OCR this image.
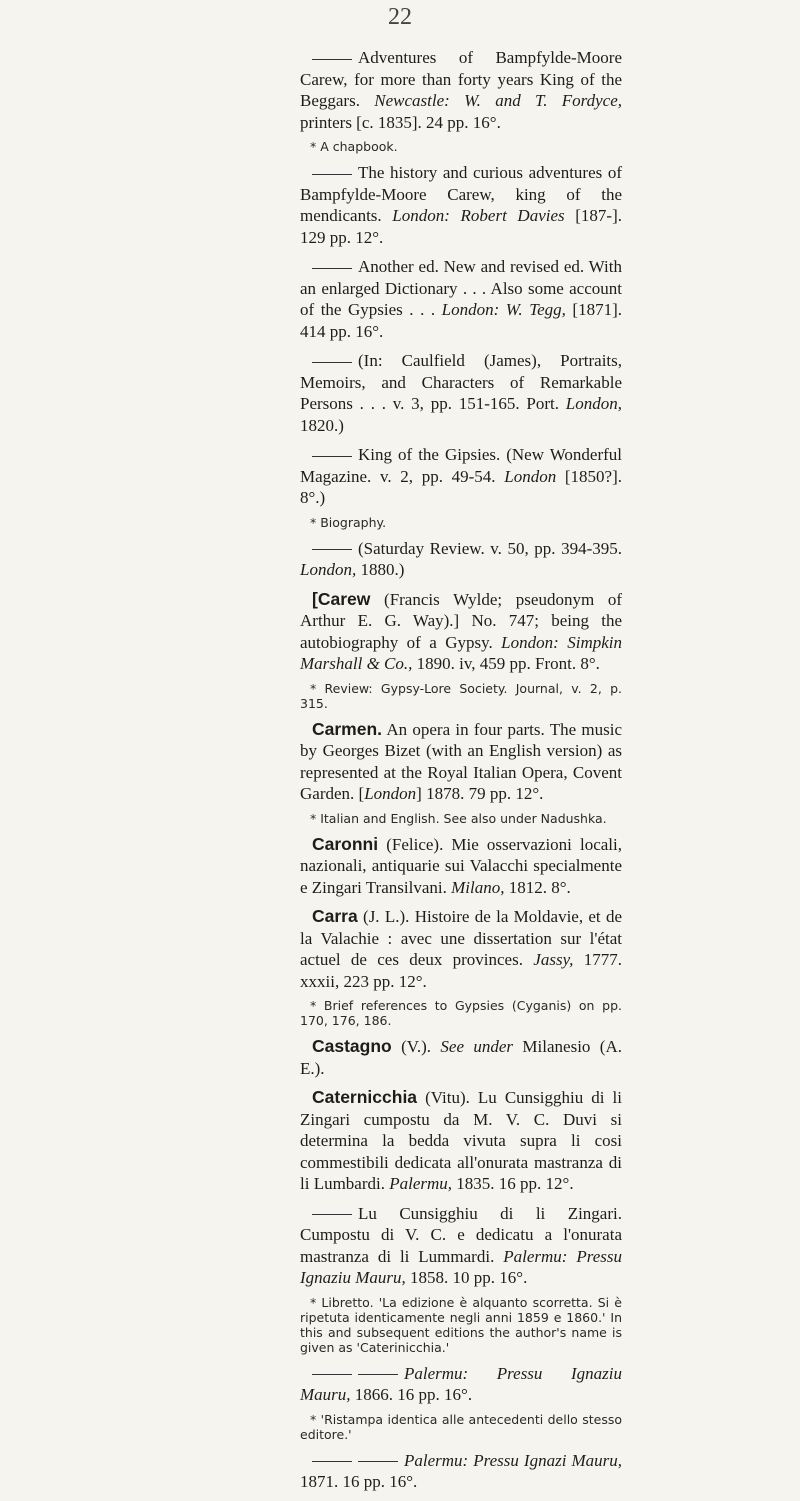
22

Adventures of Bampfylde-Moore Carew, for more than forty years King of the Beggars. Newcastle: W. and T. Fordyce, printers [c. 1835]. 24 pp. 16°.

* A chapbook.

The history and curious adventures of Bampfylde-Moore Carew, king of the mendicants. London: Robert Davies [187-]. 129 pp. 12°.

Another ed. New and revised ed. With an enlarged Dictionary . . . Also some account of the Gypsies . . . London: W. Tegg, [1871]. 414 pp. 16°.

(In: Caulfield (James), Portraits, Memoirs, and Characters of Remarkable Persons . . . v. 3, pp. 151-165. Port. London, 1820.)

King of the Gipsies. (New Wonderful Magazine. v. 2, pp. 49-54. London [1850?]. 8°.)

* Biography.

(Saturday Review. v. 50, pp. 394-395. London, 1880.)

[Carew (Francis Wylde; pseudonym of Arthur E. G. Way).] No. 747; being the autobiography of a Gypsy. London: Simpkin Marshall & Co., 1890. iv, 459 pp. Front. 8°.

* Review: Gypsy-Lore Society. Journal, v. 2, p. 315.

Carmen. An opera in four parts. The music by Georges Bizet (with an English version) as represented at the Royal Italian Opera, Covent Garden. [London] 1878. 79 pp. 12°.

* Italian and English. See also under Nadushka.

Caronni (Felice). Mie osservazioni locali, nazionali, antiquarie sui Valacchi specialmente e Zingari Transilvani. Milano, 1812. 8°.

Carra (J. L.). Histoire de la Moldavie, et de la Valachie : avec une dissertation sur l'état actuel de ces deux provinces. Jassy, 1777. xxxii, 223 pp. 12°.

* Brief references to Gypsies (Cyganis) on pp. 170, 176, 186.

Castagno (V.). See under Milanesio (A. E.).

Caternicchia (Vitu). Lu Cunsigghiu di li Zingari cumpostu da M. V. C. Duvi si determina la bedda vivuta supra li cosi commestibili dedicata all'onurata mastranza di li Lumbardi. Palermu, 1835. 16 pp. 12°.

Lu Cunsigghiu di li Zingari. Cumpostu di V. C. e dedicatu a l'onurata mastranza di li Lummardi. Palermu: Pressu Ignaziu Mauru, 1858. 10 pp. 16°.

* Libretto. 'La edizione è alquanto scorretta. Si è ripetuta identicamente negli anni 1859 e 1860.' In this and subsequent editions the author's name is given as 'Caterinicchia.'

Palermu: Pressu Ignaziu Mauru, 1866. 16 pp. 16°.

* 'Ristampa identica alle antecedenti dello stesso editore.'

Palermu: Pressu Ignazi Mauru, 1871. 16 pp. 16°.
